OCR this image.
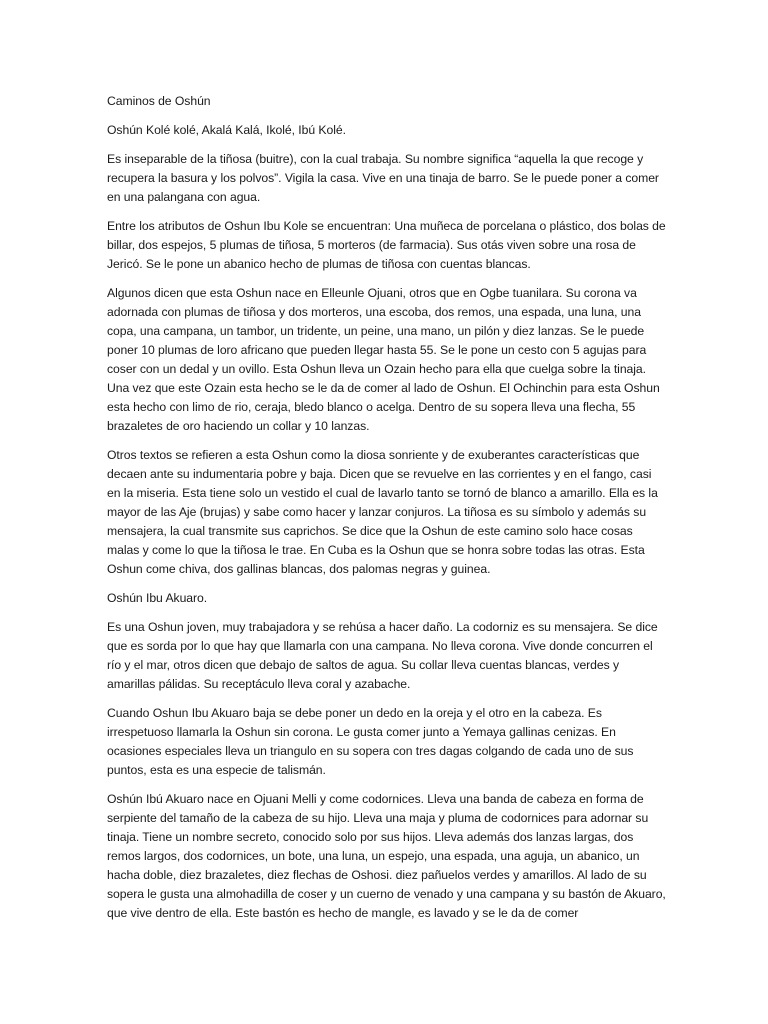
Caminos de Oshún

Oshún Kolé kolé, Akalá Kalá, Ikolé, Ibú Kolé.

Es inseparable de la tiñosa (buitre), con la cual trabaja. Su nombre significa “aquella la que recoge y recupera la basura y los polvos”. Vigila la casa. Vive en una tinaja de barro. Se le puede poner a comer en una palangana con agua.

Entre los atributos de Oshun Ibu Kole se encuentran: Una muñeca de porcelana o plástico, dos bolas de billar, dos espejos, 5 plumas de tiñosa, 5 morteros (de farmacia). Sus otás viven sobre una rosa de Jericó. Se le pone un abanico hecho de plumas de tiñosa con cuentas blancas.

Algunos dicen que esta Oshun nace en Elleunle Ojuani, otros que en Ogbe tuanilara. Su corona va adornada con plumas de tiñosa y dos morteros, una escoba, dos remos, una espada, una luna, una copa, una campana, un tambor, un tridente, un peine, una mano, un pilón y diez lanzas. Se le puede poner 10 plumas de loro africano que pueden llegar hasta 55. Se le pone un cesto con 5 agujas para coser con un dedal y un ovillo. Esta Oshun lleva un Ozain hecho para ella que cuelga sobre la tinaja. Una vez que este Ozain esta hecho se le da de comer al lado de Oshun. El Ochinchin para esta Oshun esta hecho con limo de rio, ceraja, bledo blanco o acelga. Dentro de su sopera lleva una flecha, 55 brazaletes de oro haciendo un collar y 10 lanzas.

Otros textos se refieren a esta Oshun como la diosa sonriente y de exuberantes características que decaen ante su indumentaria pobre y baja. Dicen que se revuelve en las corrientes y en el fango, casi en la miseria. Esta tiene solo un vestido el cual de lavarlo tanto se tornó de blanco a amarillo. Ella es la mayor de las Aje (brujas) y sabe como hacer y lanzar conjuros. La tiñosa es su símbolo y además su mensajera, la cual transmite sus caprichos. Se dice que la Oshun de este camino solo hace cosas malas y come lo que la tiñosa le trae. En Cuba es la Oshun que se honra sobre todas las otras. Esta Oshun come chiva, dos gallinas blancas, dos palomas negras y guinea.

Oshún Ibu Akuaro.

Es una Oshun joven, muy trabajadora y se rehúsa a hacer daño. La codorniz es su mensajera. Se dice que es sorda por lo que hay que llamarla con una campana. No lleva corona. Vive donde concurren el río y el mar, otros dicen que debajo de saltos de agua. Su collar lleva cuentas blancas, verdes y amarillas pálidas. Su receptáculo lleva coral y azabache.

Cuando Oshun Ibu Akuaro baja se debe poner un dedo en la oreja y el otro en la cabeza. Es irrespetuoso llamarla la Oshun sin corona. Le gusta comer junto a Yemaya gallinas cenizas. En ocasiones especiales lleva un triangulo en su sopera con tres dagas colgando de cada uno de sus puntos, esta es una especie de talismán.

Oshún Ibú Akuaro nace en Ojuani Melli y come codornices. Lleva una banda de cabeza en forma de serpiente del tamaño de la cabeza de su hijo. Lleva una maja y pluma de codornices para adornar su tinaja. Tiene un nombre secreto, conocido solo por sus hijos. Lleva además dos lanzas largas, dos remos largos, dos codornices, un bote, una luna, un espejo, una espada, una aguja, un abanico, un hacha doble, diez brazaletes, diez flechas de Oshosi. diez pañuelos verdes y amarillos. Al lado de su sopera le gusta una almohadilla de coser y un cuerno de venado y una campana y su bastón de Akuaro, que vive dentro de ella. Este bastón es hecho de mangle, es lavado y se le da de comer
